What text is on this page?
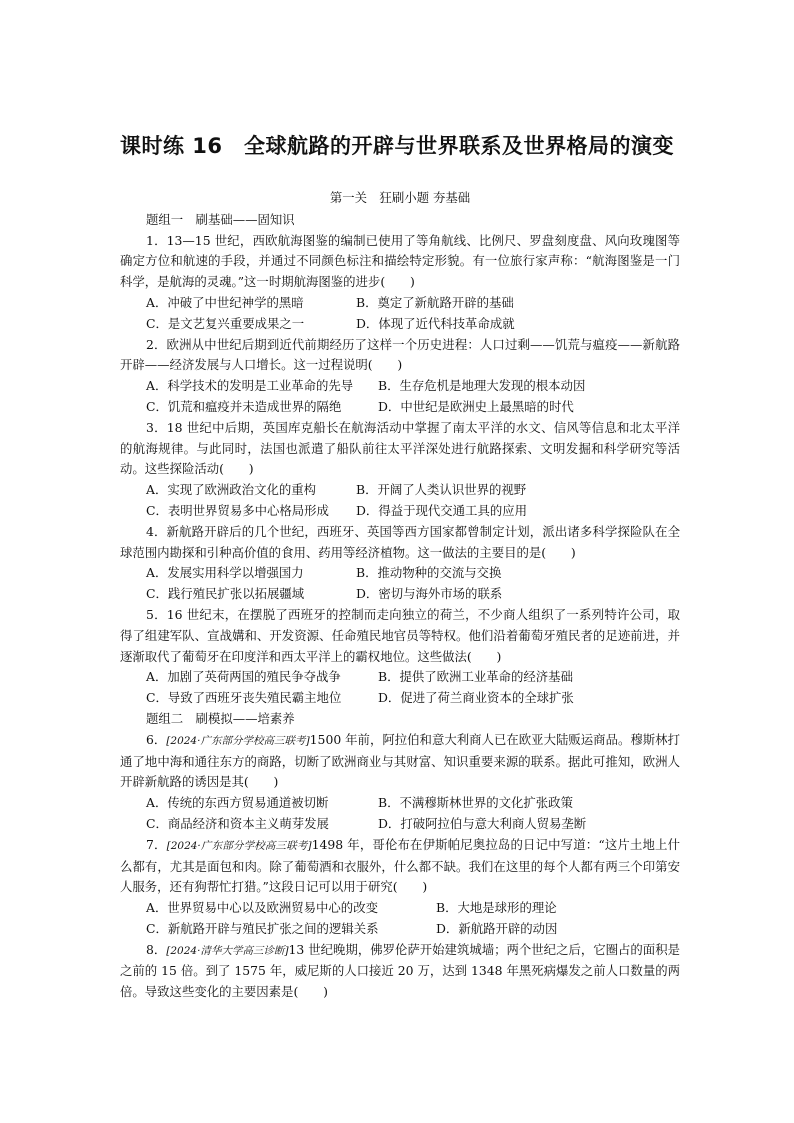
课时练 16　全球航路的开辟与世界联系及世界格局的演变
第一关　狂刷小题 夯基础
题组一　刷基础——固知识

1．13—15 世纪，西欧航海图鉴的编制已使用了等角航线、比例尺、罗盘刻度盘、风向玫瑰图等确定方位和航速的手段，并通过不同颜色标注和描绘特定形貌。有一位旅行家声称：“航海图鉴是一门科学，是航海的灵魂。”这一时期航海图鉴的进步(　　)

A．冲破了中世纪神学的黑暗	B．奠定了新航路开辟的基础
C．是文艺复兴重要成果之一	D．体现了近代科技革命成就

2．欧洲从中世纪后期到近代前期经历了这样一个历史进程：人口过剩——饥荒与瘟疫——新航路开辟——经济发展与人口增长。这一过程说明(　　)

A．科学技术的发明是工业革命的先导 B．生存危机是地理大发现的根本动因
C．饥荒和瘟疫并未造成世界的隔绝	D．中世纪是欧洲史上最黑暗的时代

3．18 世纪中后期，英国库克船长在航海活动中掌握了南太平洋的水文、信风等信息和北太平洋的航海规律。与此同时，法国也派遣了船队前往太平洋深处进行航路探索、文明发掘和科学研究等活动。这些探险活动(　　)

A．实现了欧洲政治文化的重构	B．开阔了人类认识世界的视野
C．表明世界贸易多中心格局形成 D．得益于现代交通工具的应用

4．新航路开辟后的几个世纪，西班牙、英国等西方国家都曾制定计划，派出诸多科学探险队在全球范围内勘探和引种高价值的食用、药用等经济植物。这一做法的主要目的是(　　)

A．发展实用科学以增强国力	B．推动物种的交流与交换
C．践行殖民扩张以拓展疆域	D．密切与海外市场的联系

5．16 世纪末，在摆脱了西班牙的控制而走向独立的荷兰，不少商人组织了一系列特许公司，取得了组建军队、宣战媾和、开发资源、任命殖民地官员等特权。他们沿着葡萄牙殖民者的足迹前进，并逐渐取代了葡萄牙在印度洋和西太平洋上的霸权地位。这些做法(　　)

A．加剧了英荷两国的殖民争夺战争	B．提供了欧洲工业革命的经济基础
C．导致了西班牙丧失殖民霸主地位	D．促进了荷兰商业资本的全球扩张
题组二　刷模拟——培素养

6．[2024·广东部分学校高三联考]1500 年前，阿拉伯和意大利商人已在欧亚大陆贩运商品。穆斯林打通了地中海和通往东方的商路，切断了欧洲商业与其财富、知识重要来源的联系。据此可推知，欧洲人开辟新航路的诱因是其(　　)

A．传统的东西方贸易通道被切断	B．不满穆斯林世界的文化扩张政策
C．商品经济和资本主义萌芽发展	D．打破阿拉伯与意大利商人贸易垄断

7．[2024·广东部分学校高三联考]1498 年，哥伦布在伊斯帕尼奥拉岛的日记中写道：“这片土地上什么都有，尤其是面包和肉。除了葡萄酒和衣服外，什么都不缺。我们在这里的每个人都有两三个印第安人服务，还有狗帮忙打猎。”这段日记可以用于研究(　　)

A．世界贸易中心以及欧洲贸易中心的改变	B．大地是球形的理论
C．新航路开辟与殖民扩张之间的逻辑关系	D．新航路开辟的动因

8．[2024·清华大学高三诊断]13 世纪晚期，佛罗伦萨开始建筑城墙；两个世纪之后，它圈占的面积是之前的 15 倍。到了 1575 年，威尼斯的人口接近 20 万，达到 1348 年黑死病爆发之前人口数量的两倍。导致这些变化的主要因素是(　　)
